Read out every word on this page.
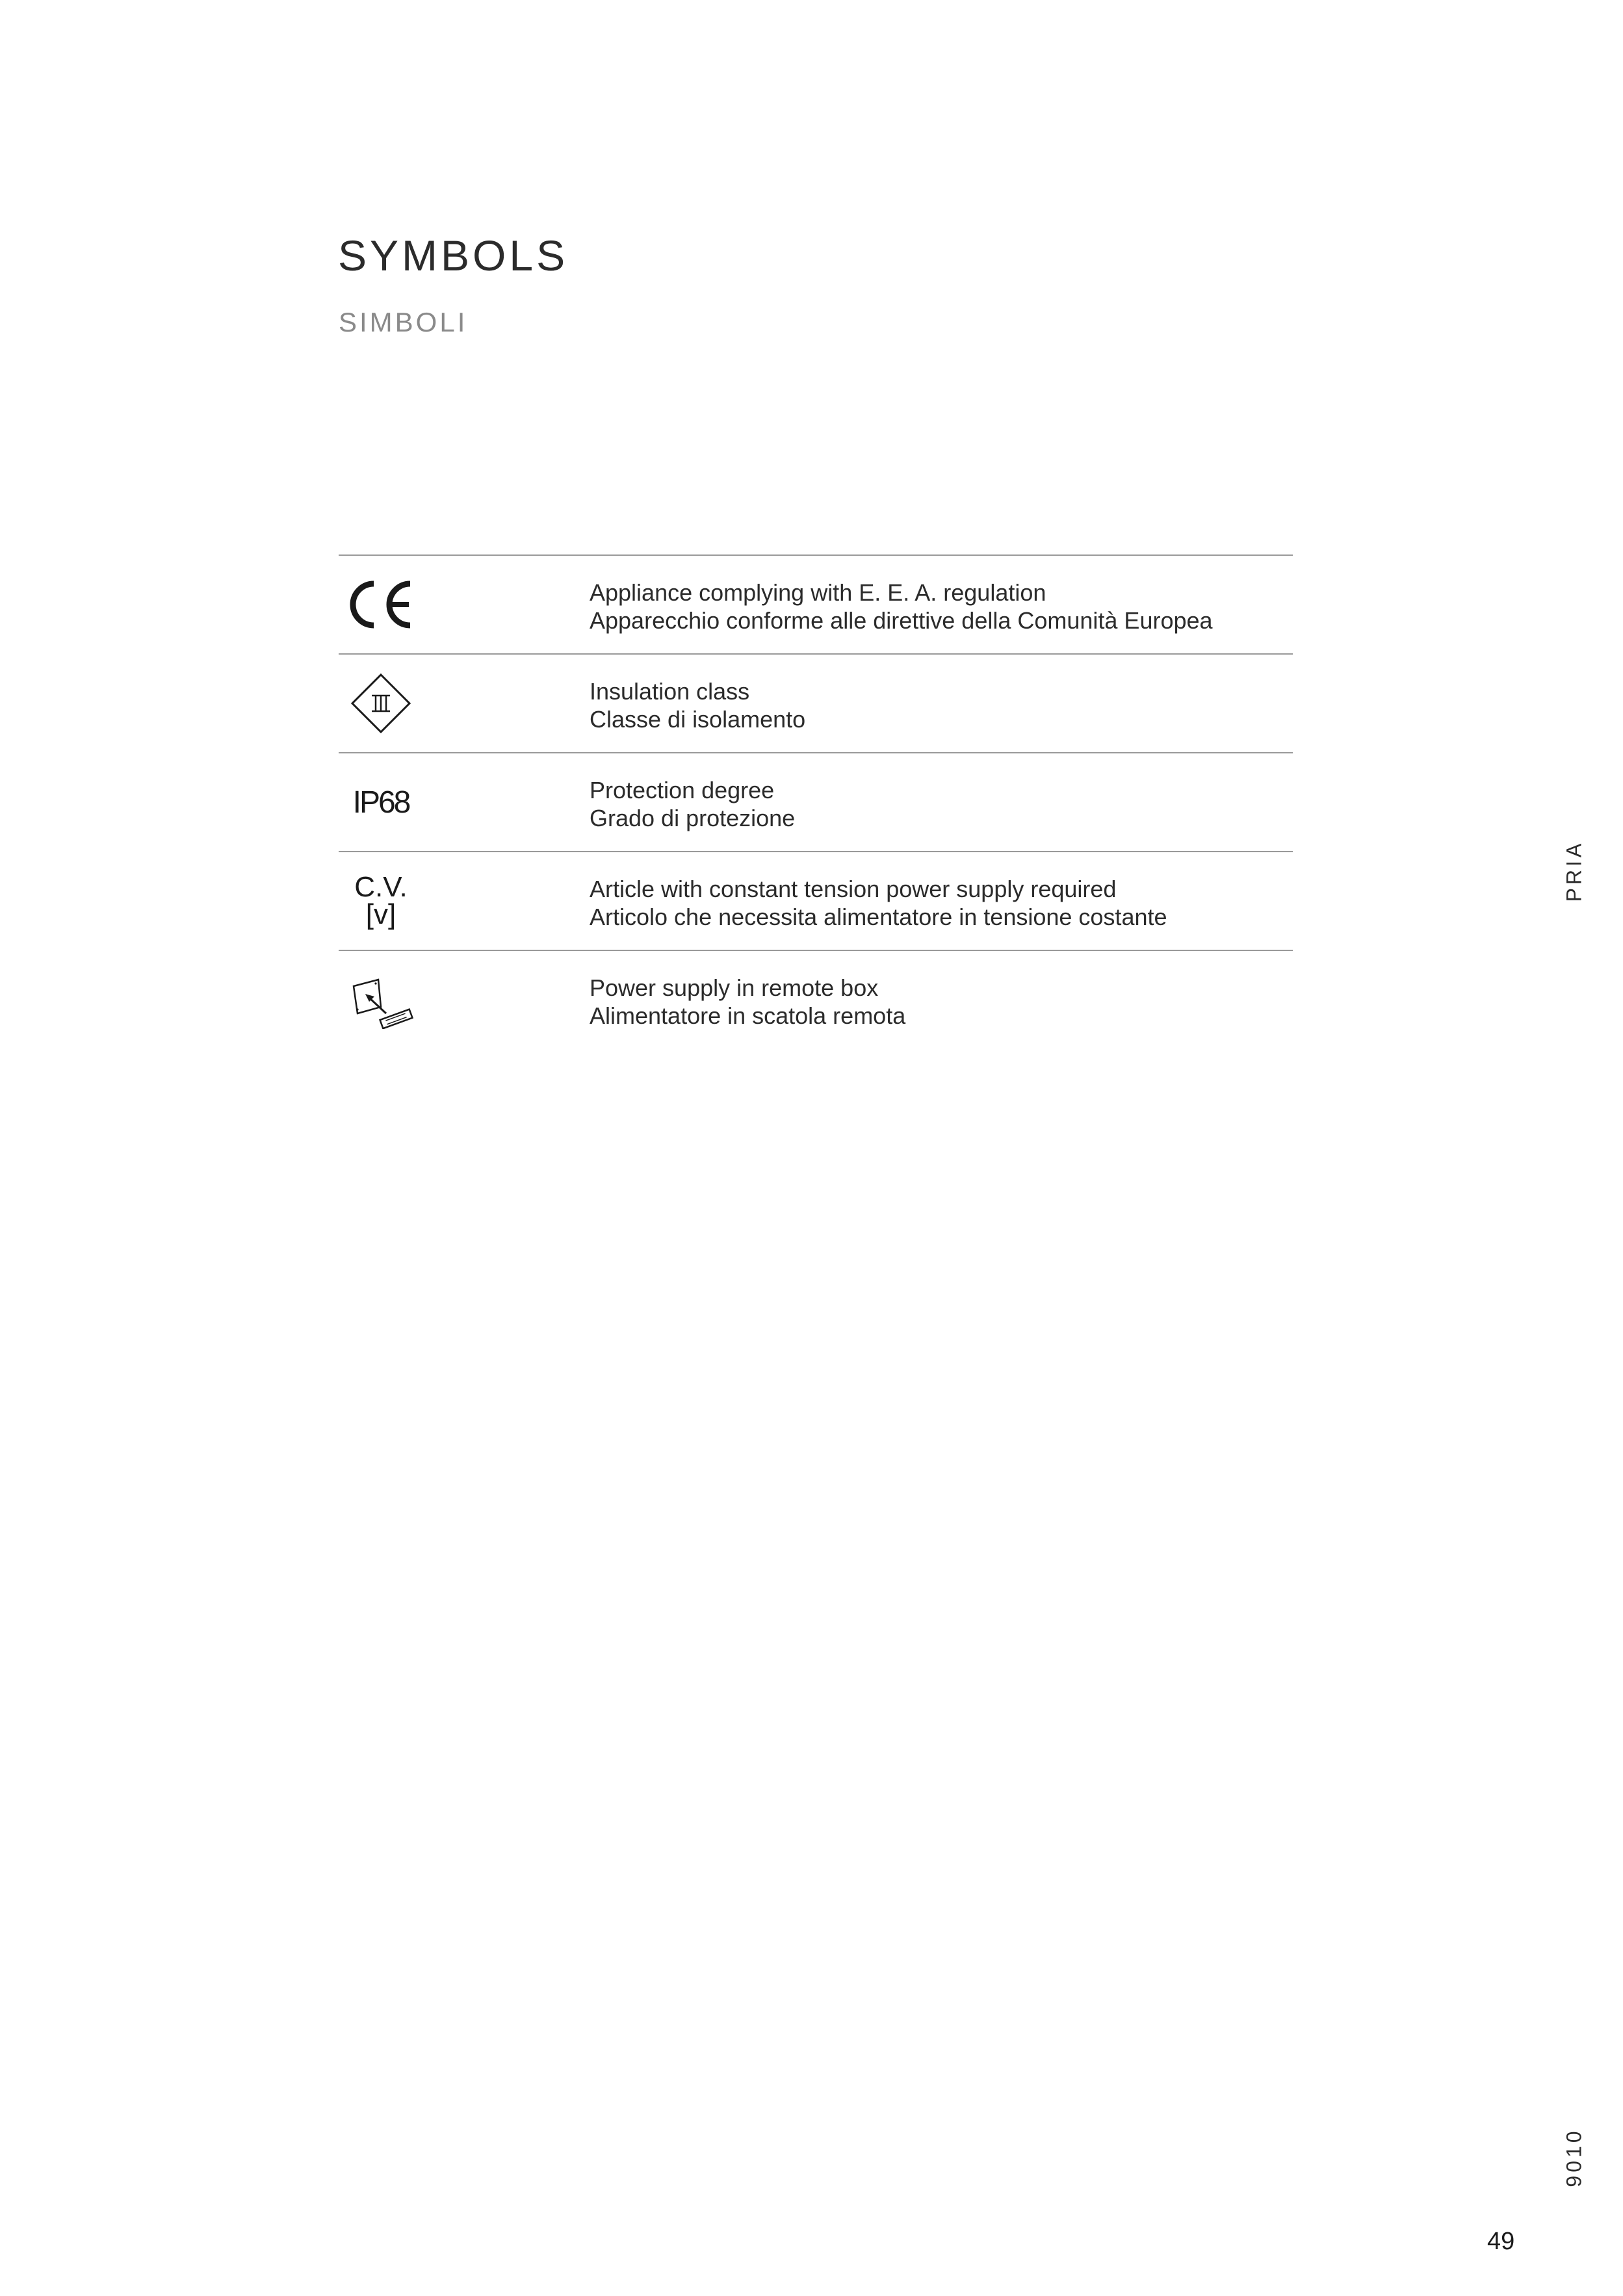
SYMBOLS
SIMBOLI
Appliance complying with E. E. A. regulation
Apparecchio conforme alle direttive della Comunità Europea
Insulation class
Classe di isolamento
IP68	Protection degree
Grado di protezione
C.V.
[v]
Article with constant tension power supply required
Articolo che necessita alimentatore in tensione costante
Power supply in remote box
Alimentatore in scatola remota
PRIA
9010
49
